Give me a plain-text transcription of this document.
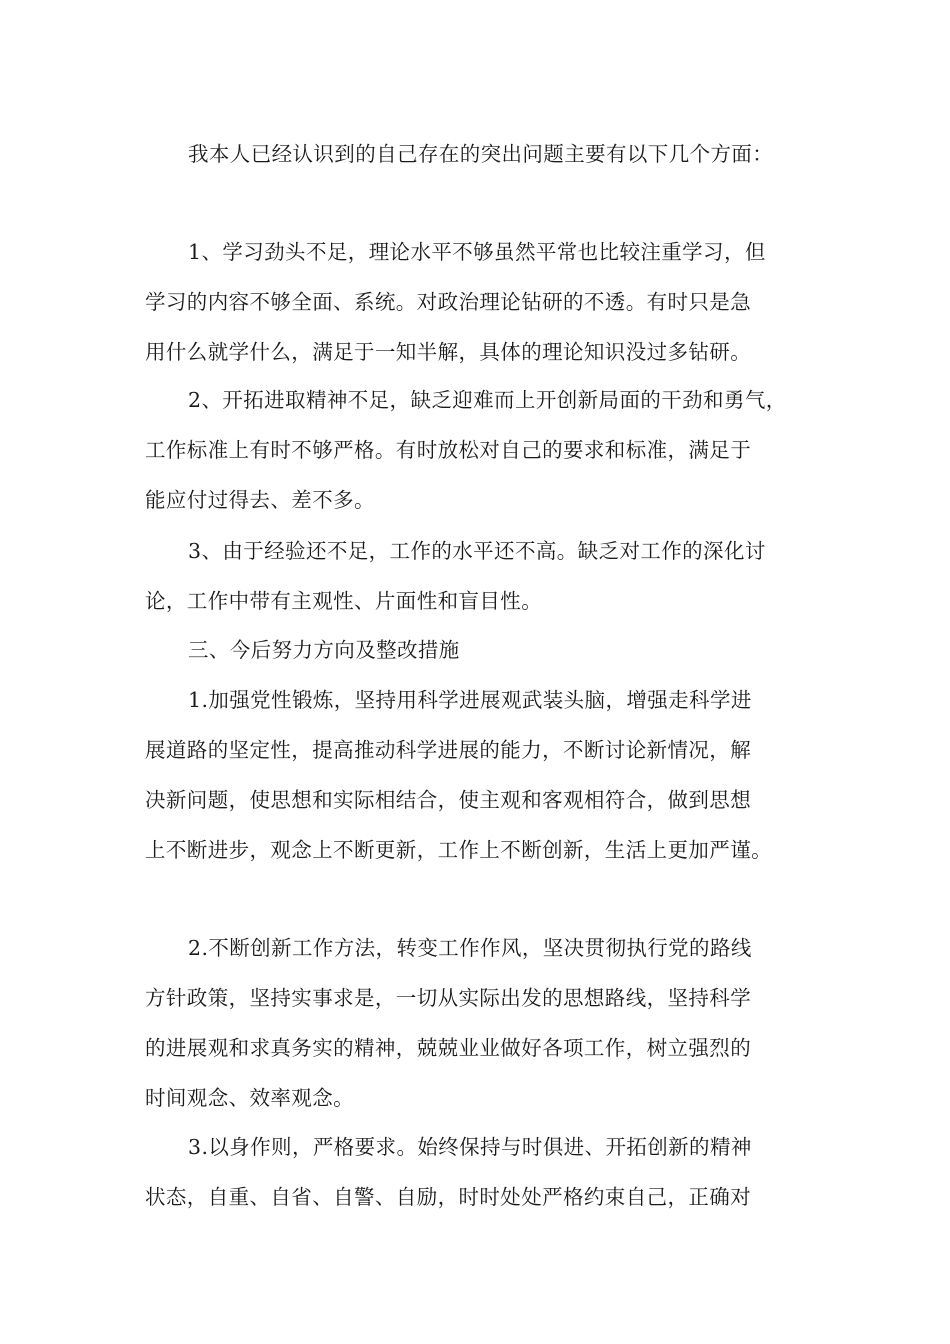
我本人已经认识到的自己存在的突出问题主要有以下几个方面：

1、学习劲头不足，理论水平不够虽然平常也比较注重学习，但

学习的内容不够全面、系统。对政治理论钻研的不透。有时只是急

用什么就学什么，满足于一知半解，具体的理论知识没过多钻研。

2、开拓进取精神不足，缺乏迎难而上开创新局面的干劲和勇气，

工作标准上有时不够严格。有时放松对自己的要求和标准，满足于

能应付过得去、差不多。

3、由于经验还不足，工作的水平还不高。缺乏对工作的深化讨

论，工作中带有主观性、片面性和盲目性。

三、今后努力方向及整改措施

1.加强党性锻炼，坚持用科学进展观武装头脑，增强走科学进

展道路的坚定性，提高推动科学进展的能力，不断讨论新情况，解

决新问题，使思想和实际相结合，使主观和客观相符合，做到思想

上不断进步，观念上不断更新，工作上不断创新，生活上更加严谨。

2.不断创新工作方法，转变工作作风，坚决贯彻执行党的路线

方针政策，坚持实事求是，一切从实际出发的思想路线，坚持科学

的进展观和求真务实的精神，兢兢业业做好各项工作，树立强烈的

时间观念、效率观念。

3.以身作则，严格要求。始终保持与时俱进、开拓创新的精神

状态，自重、自省、自警、自励，时时处处严格约束自己，正确对
